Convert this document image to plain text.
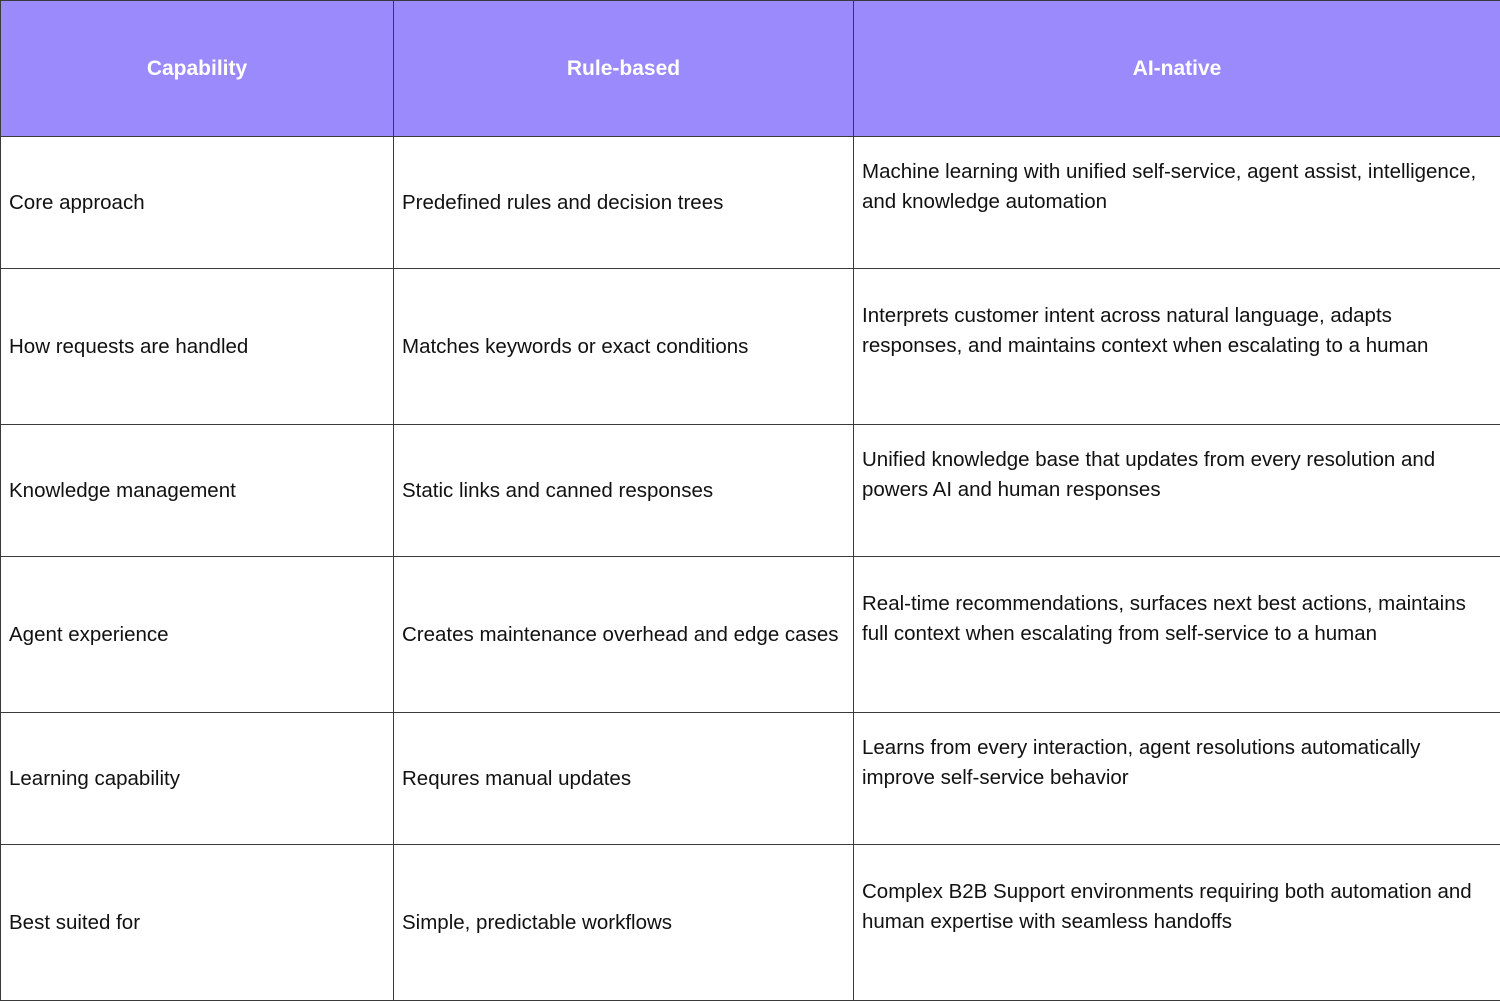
Capability	Rule-based	AI-native
Core approach	Predefined rules and decision trees	Machine learning with unified self-service, agent assist, intelligence, and knowledge automation

How requests are handled	Matches keywords or exact conditions	Interprets customer intent across natural language, adapts responses, and maintains context when escalating to a human

Knowledge management	Static links and canned responses	Unified knowledge base that updates from every resolution and powers AI and human responses

Agent experience	Creates maintenance overhead and edge cases	Real-time recommendations, surfaces next best actions, maintains full context when escalating from self-service to a human

Learning capability	Requres manual updates	Learns from every interaction, agent resolutions automatically improve self-service behavior

Best suited for	Simple, predictable workflows	Complex B2B Support environments requiring both automation and human expertise with seamless handoffs
